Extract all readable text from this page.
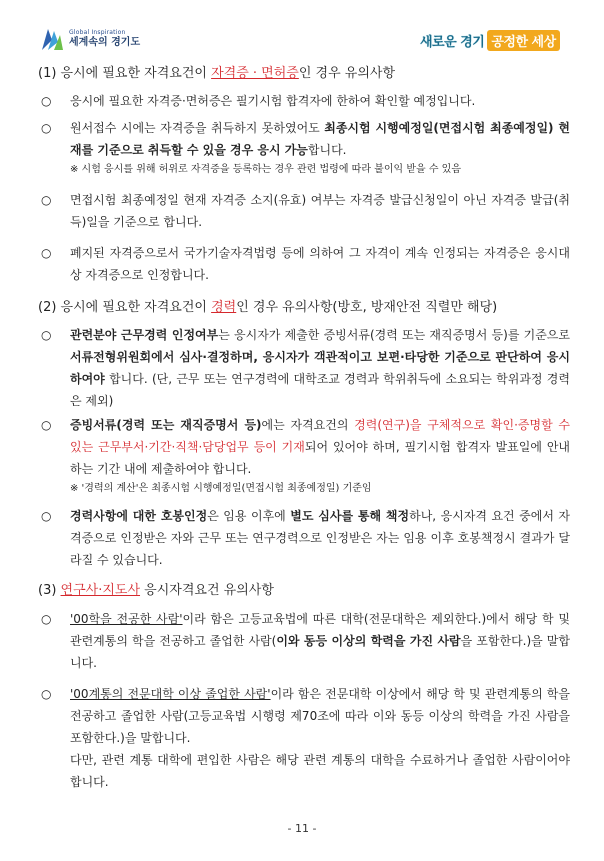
Global Inspiration
세계속의 경기도	새로운 경기 공정한 세상
(1) 응시에 필요한 자격요건이 자격증 · 면허증인 경우 유의사항
○ 응시에 필요한 자격증·면허증은 필기시험 합격자에 한하여 확인할 예정입니다.
○ 원서접수 시에는 자격증을 취득하지 못하였어도 최종시험 시행예정일(면접시험 최종예정일) 현재를 기준으로 취득할 수 있을 경우 응시 가능합니다.
※ 시험 응시를 위해 허위로 자격증을 등록하는 경우 관련 법령에 따라 불이익 받을 수 있음
○ 면접시험 최종예정일 현재 자격증 소지(유효) 여부는 자격증 발급신청일이 아닌 자격증 발급(취득)일을 기준으로 합니다.
○ 폐지된 자격증으로서 국가기술자격법령 등에 의하여 그 자격이 계속 인정되는 자격증은 응시대상 자격증으로 인정합니다.
(2) 응시에 필요한 자격요건이 경력인 경우 유의사항(방호, 방재안전 직렬만 해당)
○ 관련분야 근무경력 인정여부는 응시자가 제출한 증빙서류(경력 또는 재직증명서 등)를 기준으로 서류전형위원회에서 심사·결정하며, 응시자가 객관적이고 보편·타당한 기준으로 판단하여 응시하여야 합니다. (단, 근무 또는 연구경력에 대학조교 경력과 학위취득에 소요되는 학위과정 경력은 제외)
○ 증빙서류(경력 또는 재직증명서 등)에는 자격요건의 경력(연구)을 구체적으로 확인·증명할 수 있는 근무부서·기간·직책·담당업무 등이 기재되어 있어야 하며, 필기시험 합격자 발표일에 안내하는 기간 내에 제출하여야 합니다.
※ '경력의 계산'은 최종시험 시행예정일(면접시험 최종예정일) 기준임
○ 경력사항에 대한 호봉인정은 임용 이후에 별도 심사를 통해 책정하나, 응시자격 요건 중에서 자격증으로 인정받은 자와 근무 또는 연구경력으로 인정받은 자는 임용 이후 호봉책정시 결과가 달라질 수 있습니다.
(3) 연구사·지도사 응시자격요건 유의사항
○ '00학을 전공한 사람'이라 함은 고등교육법에 따른 대학(전문대학은 제외한다.)에서 해당 학 및 관련계통의 학을 전공하고 졸업한 사람(이와 동등 이상의 학력을 가진 사람을 포함한다.)을 말합니다.
○ '00계통의 전문대학 이상 졸업한 사람'이라 함은 전문대학 이상에서 해당 학 및 관련계통의 학을 전공하고 졸업한 사람(고등교육법 시행령 제70조에 따라 이와 동등 이상의 학력을 가진 사람을 포함한다.)을 말합니다.
다만, 관련 계통 대학에 편입한 사람은 해당 관련 계통의 대학을 수료하거나 졸업한 사람이어야 합니다.
- 11 -
